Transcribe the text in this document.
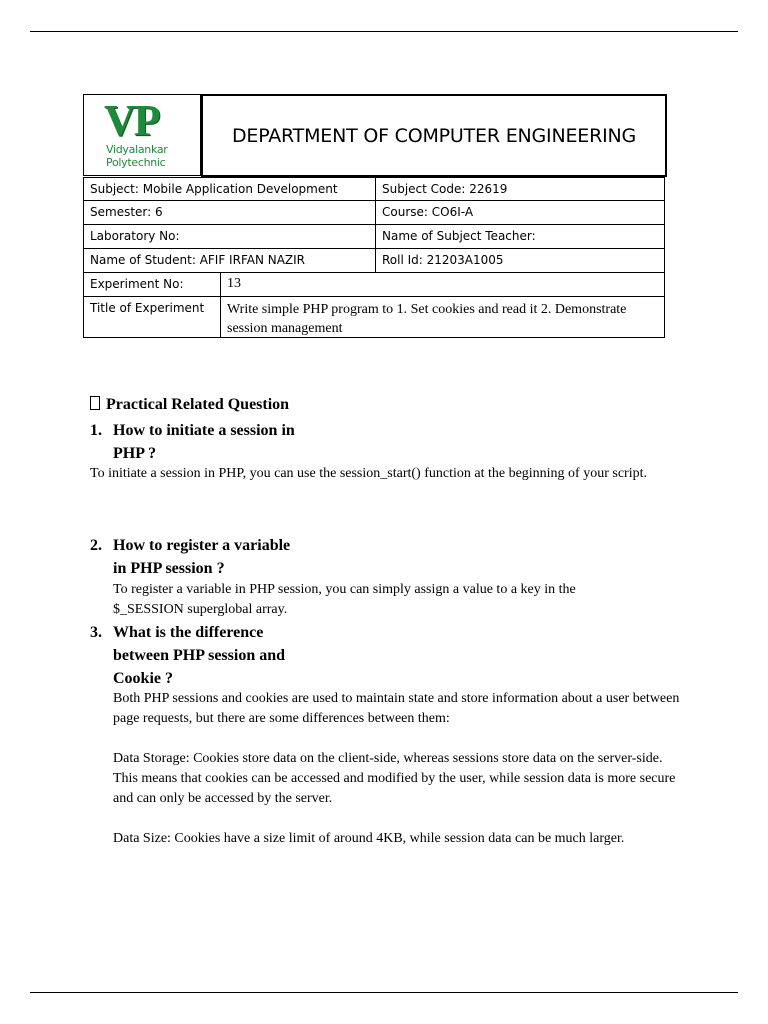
VP
Vidyalankar
Polytechnic
DEPARTMENT OF COMPUTER ENGINEERING
Subject: Mobile Application Development	Subject Code: 22619
Semester: 6	Course: CO6I-A
Laboratory No:	Name of Subject Teacher:
Name of Student: AFIF IRFAN NAZIR	Roll Id: 21203A1005
Experiment No:	13
Title of Experiment	Write simple PHP program to 1. Set cookies and read it 2. Demonstrate session management
Practical Related Question
1. How to initiate a session in
PHP ?
To initiate a session in PHP, you can use the session_start() function at the beginning of your script.
2. How to register a variable
in PHP session ?
To register a variable in PHP session, you can simply assign a value to a key in the $_SESSION superglobal array.
3. What is the difference
between PHP session and
Cookie ?
Both PHP sessions and cookies are used to maintain state and store information about a user between page requests, but there are some differences between them:
Data Storage: Cookies store data on the client-side, whereas sessions store data on the server-side. This means that cookies can be accessed and modified by the user, while session data is more secure and can only be accessed by the server.
Data Size: Cookies have a size limit of around 4KB, while session data can be much larger.
